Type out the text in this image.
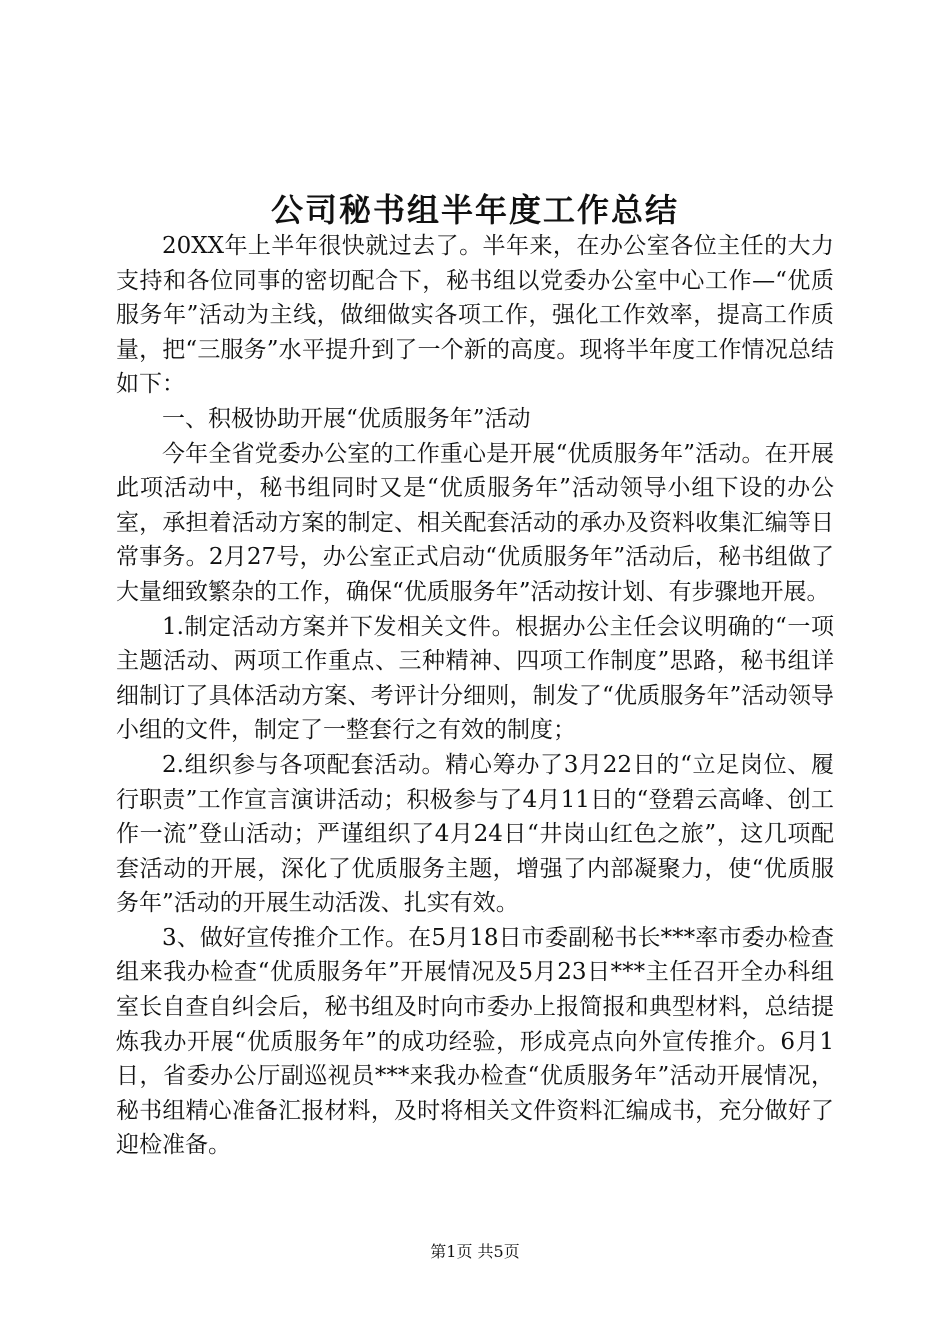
公司秘书组半年度工作总结

20XX年上半年很快就过去了。半年来，在办公室各位主任的大力支持和各位同事的密切配合下，秘书组以党委办公室中心工作—“优质服务年”活动为主线，做细做实各项工作，强化工作效率，提高工作质量，把“三服务”水平提升到了一个新的高度。现将半年度工作情况总结如下：

一、积极协助开展“优质服务年”活动

今年全省党委办公室的工作重心是开展“优质服务年”活动。在开展此项活动中，秘书组同时又是“优质服务年”活动领导小组下设的办公室，承担着活动方案的制定、相关配套活动的承办及资料收集汇编等日常事务。2月27号，办公室正式启动“优质服务年”活动后，秘书组做了大量细致繁杂的工作，确保“优质服务年”活动按计划、有步骤地开展。

1.制定活动方案并下发相关文件。根据办公主任会议明确的“一项主题活动、两项工作重点、三种精神、四项工作制度”思路，秘书组详细制订了具体活动方案、考评计分细则，制发了“优质服务年”活动领导小组的文件，制定了一整套行之有效的制度；

2.组织参与各项配套活动。精心筹办了3月22日的“立足岗位、履行职责”工作宣言演讲活动；积极参与了4月11日的“登碧云高峰、创工作一流”登山活动；严谨组织了4月24日“井岗山红色之旅”，这几项配套活动的开展，深化了优质服务主题，增强了内部凝聚力，使“优质服务年”活动的开展生动活泼、扎实有效。

3、做好宣传推介工作。在5月18日市委副秘书长***率市委办检查组来我办检查“优质服务年”开展情况及5月23日***主任召开全办科组室长自查自纠会后，秘书组及时向市委办上报简报和典型材料，总结提炼我办开展“优质服务年”的成功经验，形成亮点向外宣传推介。6月1日，省委办公厅副巡视员***来我办检查“优质服务年”活动开展情况，秘书组精心准备汇报材料，及时将相关文件资料汇编成书，充分做好了迎检准备。

第1页 共5页
